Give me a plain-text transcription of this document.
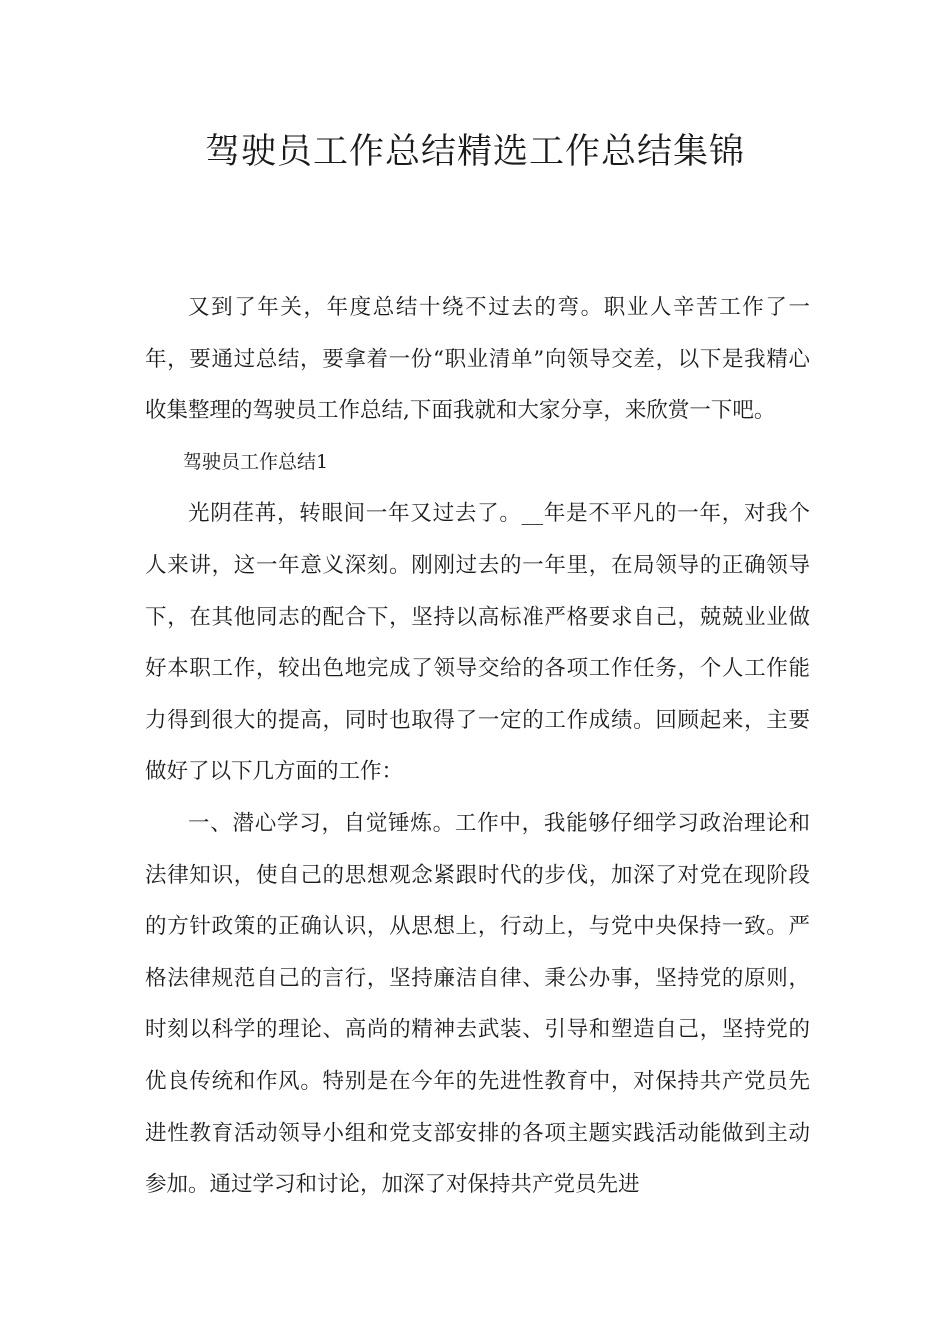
驾驶员工作总结精选工作总结集锦

又到了年关，年度总结十绕不过去的弯。职业人辛苦工作了一年，要通过总结，要拿着一份“职业清单”向领导交差，以下是我精心收集整理的驾驶员工作总结,下面我就和大家分享，来欣赏一下吧。

驾驶员工作总结1

光阴荏苒，转眼间一年又过去了。__年是不平凡的一年，对我个人来讲，这一年意义深刻。刚刚过去的一年里，在局领导的正确领导下，在其他同志的配合下，坚持以高标准严格要求自己，兢兢业业做好本职工作，较出色地完成了领导交给的各项工作任务，个人工作能力得到很大的提高，同时也取得了一定的工作成绩。回顾起来，主要做好了以下几方面的工作：

一、潜心学习，自觉锤炼。工作中，我能够仔细学习政治理论和法律知识，使自己的思想观念紧跟时代的步伐，加深了对党在现阶段的方针政策的正确认识，从思想上，行动上，与党中央保持一致。严格法律规范自己的言行，坚持廉洁自律、秉公办事，坚持党的原则，时刻以科学的理论、高尚的精神去武装、引导和塑造自己，坚持党的优良传统和作风。特别是在今年的先进性教育中，对保持共产党员先进性教育活动领导小组和党支部安排的各项主题实践活动能做到主动参加。通过学习和讨论，加深了对保持共产党员先进
